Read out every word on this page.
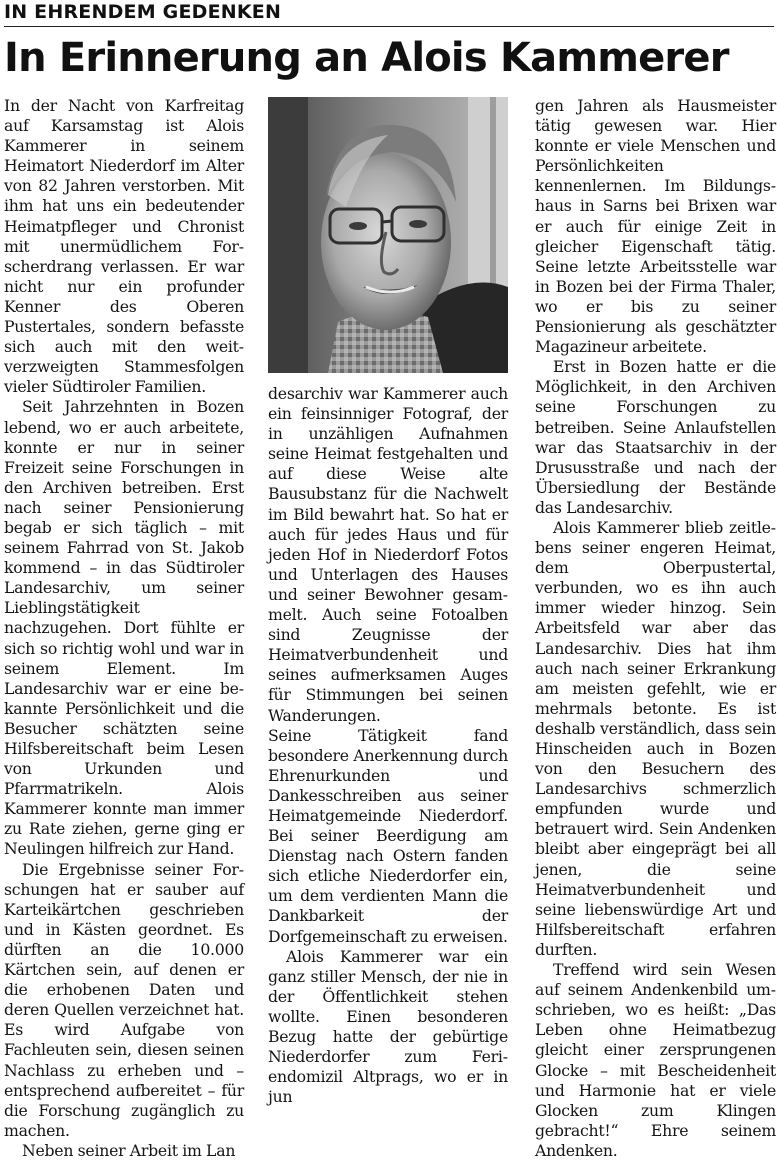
IN EHRENDEM GEDENKEN
In Erinnerung an Alois Kammerer

In der Nacht von Karfreitag auf Karsamstag ist Alois Kammerer in seinem Heimatort Niederdorf im Alter von 82 Jahren verstorben. Mit ihm hat uns ein bedeutender Heimatpfleger und Chronist mit unermüdlichem Forscherdrang verlassen. Er war nicht nur ein profunder Kenner des Oberen Pustertales, sondern befasste sich auch mit den weitverzweigten Stammesfolgen vieler Südtiroler Familien.

Seit Jahrzehnten in Bozen lebend, wo er auch arbeitete, konnte er nur in seiner Freizeit seine Forschungen in den Archiven betreiben. Erst nach seiner Pensionierung begab er sich täglich – mit seinem Fahrrad von St. Jakob kommend – in das Südtiroler Landesarchiv, um seiner Lieblingstätigkeit nachzugehen. Dort fühlte er sich so richtig wohl und war in seinem Element. Im Landesarchiv war er eine bekannte Persönlichkeit und die Besucher schätzten seine Hilfsbereitschaft beim Lesen von Urkunden und Pfarrmatrikeln. Alois Kammerer konnte man immer zu Rate ziehen, gerne ging er Neulingen hilfreich zur Hand.

Die Ergebnisse seiner Forschungen hat er sauber auf Karteikärtchen geschrieben und in Kästen geordnet. Es dürften an die 10.000 Kärtchen sein, auf denen er die erhobenen Daten und deren Quellen verzeichnet hat. Es wird Aufgabe von Fachleuten sein, diesen seinen Nachlass zu erheben und – entsprechend aufbereitet – für die Forschung zugänglich zu machen.

Neben seiner Arbeit im Lan

desarchiv war Kammerer auch ein feinsinniger Fotograf, der in unzähligen Aufnahmen seine Heimat festgehalten und auf diese Weise alte Bausubstanz für die Nachwelt im Bild bewahrt hat. So hat er auch für jedes Haus und für jeden Hof in Niederdorf Fotos und Unterlagen des Hauses und seiner Bewohner gesammelt. Auch seine Fotoalben sind Zeugnisse der Heimatverbundenheit und seines aufmerksamen Auges für Stimmungen bei seinen Wanderungen.

Seine Tätigkeit fand besondere Anerkennung durch Ehrenurkunden und Dankesschreiben aus seiner Heimatgemeinde Niederdorf. Bei seiner Beerdigung am Dienstag nach Ostern fanden sich etliche Niederdorfer ein, um dem verdienten Mann die Dankbarkeit der Dorfgemeinschaft zu erweisen.

Alois Kammerer war ein ganz stiller Mensch, der nie in der Öffentlichkeit stehen wollte. Einen besonderen Bezug hatte der gebürtige Niederdorfer zum Feriendomizil Altprags, wo er in jun

gen Jahren als Hausmeister tätig gewesen war. Hier konnte er viele Menschen und Persönlichkeiten kennenlernen. Im Bildungshaus in Sarns bei Brixen war er auch für einige Zeit in gleicher Eigenschaft tätig. Seine letzte Arbeitsstelle war in Bozen bei der Firma Thaler, wo er bis zu seiner Pensionierung als geschätzter Magazineur arbeitete.

Erst in Bozen hatte er die Möglichkeit, in den Archiven seine Forschungen zu betreiben. Seine Anlaufstellen war das Staatsarchiv in der Drususstraße und nach der Übersiedlung der Bestände das Landesarchiv.

Alois Kammerer blieb zeitlebens seiner engeren Heimat, dem Oberpustertal, verbunden, wo es ihn auch immer wieder hinzog. Sein Arbeitsfeld war aber das Landesarchiv. Dies hat ihm auch nach seiner Erkrankung am meisten gefehlt, wie er mehrmals betonte. Es ist deshalb verständlich, dass sein Hinscheiden auch in Bozen von den Besuchern des Landesarchivs schmerzlich empfunden wurde und betrauert wird. Sein Andenken bleibt aber eingeprägt bei all jenen, die seine Heimatverbundenheit und seine liebenswürdige Art und Hilfsbereitschaft erfahren durften.

Treffend wird sein Wesen auf seinem Andenkenbild umschrieben, wo es heißt: „Das Leben ohne Heimatbezug gleicht einer zersprungenen Glocke – mit Bescheidenheit und Harmonie hat er viele Glocken zum Klingen gebracht!“ Ehre seinem Andenken.
